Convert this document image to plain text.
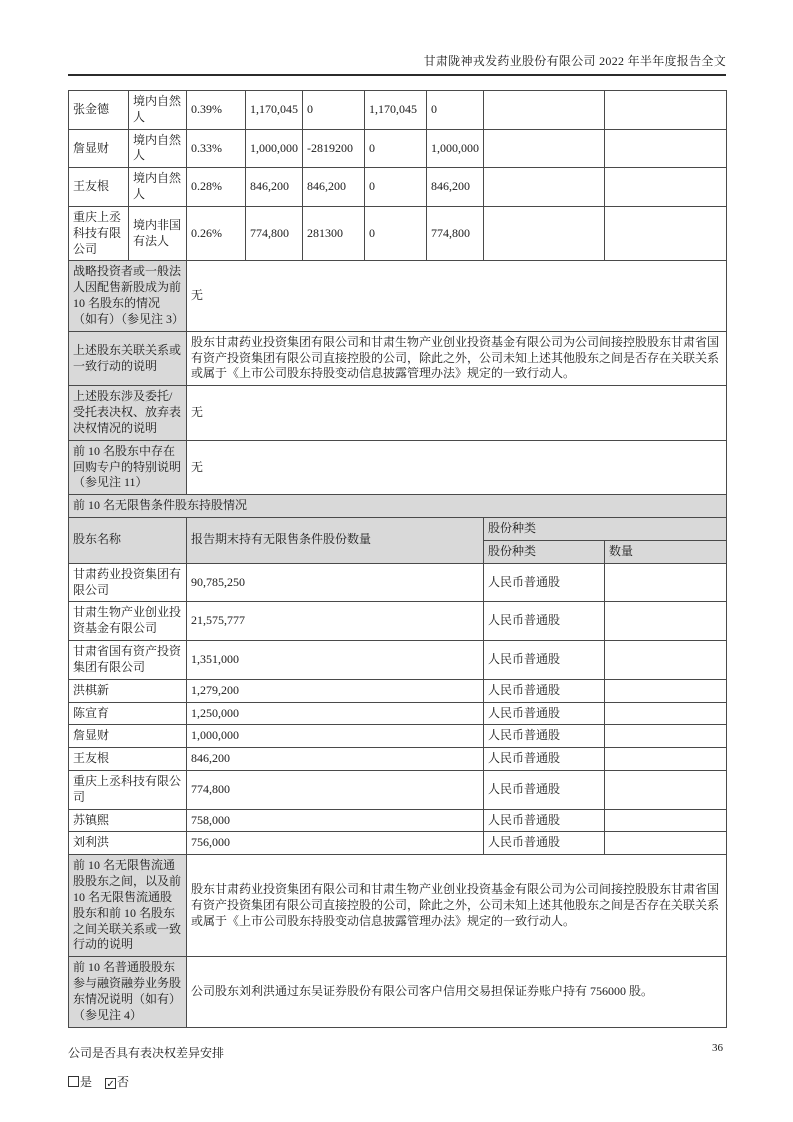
甘肃陇神戎发药业股份有限公司 2022 年半年度报告全文
张金德	境内自然人	0.39%	1,170,045	0	1,170,045	0		
詹显财	境内自然人	0.33%	1,000,000	-2819200	0	1,000,000		
王友根	境内自然人	0.28%	846,200	846,200	0	846,200		
重庆上丞科技有限公司	境内非国有法人	0.26%	774,800	281300	0	774,800		
战略投资者或一般法人因配售新股成为前 10 名股东的情况（如有）（参见注 3）		无						
上述股东关联关系或一致行动的说明		股东甘肃药业投资集团有限公司和甘肃生物产业创业投资基金有限公司为公司间接控股股东甘肃省国有资产投资集团有限公司直接控股的公司，除此之外，公司未知上述其他股东之间是否存在关联关系或属于《上市公司股东持股变动信息披露管理办法》规定的一致行动人。						
上述股东涉及委托/受托表决权、放弃表决权情况的说明		无						
前 10 名股东中存在回购专户的特别说明（参见注 11）		无						
前 10 名无限售条件股东持股情况								
股东名称		报告期末持有无限售条件股份数量					股份种类	
							股份种类	数量
甘肃药业投资集团有限公司		90,785,250					人民币普通股	
甘肃生物产业创业投资基金有限公司		21,575,777					人民币普通股	
甘肃省国有资产投资集团有限公司		1,351,000					人民币普通股	
洪棋新		1,279,200					人民币普通股	
陈宣育		1,250,000					人民币普通股	
詹显财		1,000,000					人民币普通股	
王友根		846,200					人民币普通股	
重庆上丞科技有限公司		774,800					人民币普通股	
苏镇熙		758,000					人民币普通股	
刘利洪		756,000					人民币普通股	
前 10 名无限售流通股股东之间，以及前 10 名无限售流通股股东和前 10 名股东之间关联关系或一致行动的说明		股东甘肃药业投资集团有限公司和甘肃生物产业创业投资基金有限公司为公司间接控股股东甘肃省国有资产投资集团有限公司直接控股的公司，除此之外，公司未知上述其他股东之间是否存在关联关系或属于《上市公司股东持股变动信息披露管理办法》规定的一致行动人。						
前 10 名普通股股东参与融资融券业务股东情况说明（如有）（参见注 4）		公司股东刘利洪通过东吴证券股份有限公司客户信用交易担保证券账户持有 756000 股。						
公司是否具有表决权差异安排
是 ✓ 否
36
